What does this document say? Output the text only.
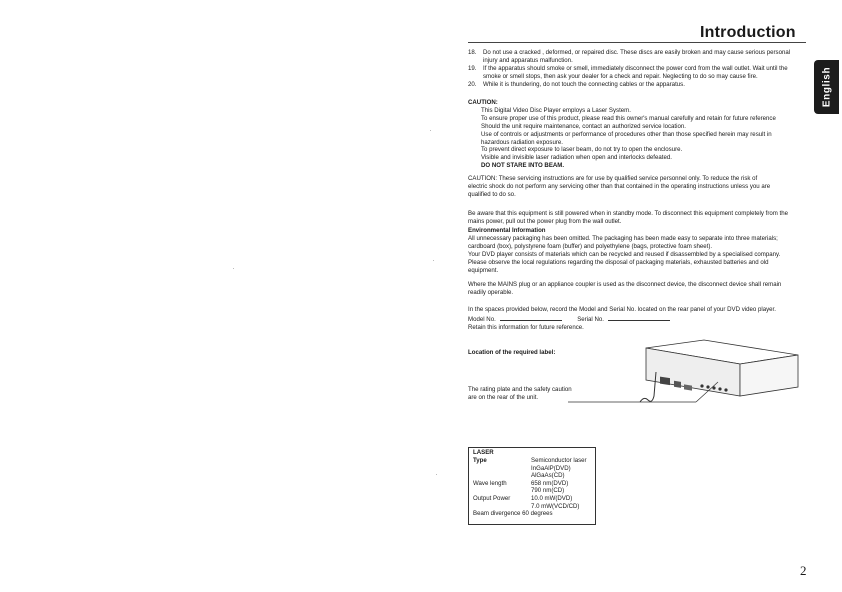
Introduction
English
18. Do not use a cracked , deformed, or repaired disc. These discs are easily broken and may cause serious personal
injury and apparatus malfunction.
19. If the apparatus should smoke or smell, immediately disconnect the power cord from the wall outlet. Wait until the
smoke or smell stops, then ask your dealer for a check and repair. Neglecting to do so may cause fire.
20. While it is thundering, do not touch the connecting cables or the apparatus.
CAUTION:
This Digital Video Disc Player employs a Laser System.
To ensure proper use of this product, please read this owner's manual carefully and retain for future reference
Should the unit require maintenance, contact an authorized service location.
Use of controls or adjustments or performance of procedures other than those specified herein may result in
hazardous radiation exposure.
To prevent direct exposure to laser beam, do not try to open the enclosure.
Visible and invisible laser radiation when open and interlocks defeated.
DO NOT STARE INTO BEAM.
CAUTION: These servicing instructions are for use by qualified service personnel only. To reduce the risk of
electric shock do not perform any servicing other than that contained in the operating instructions unless you are
qualified to do so.
Be aware that this equipment is still powered when in standby mode. To disconnect this equipment completely from the
mains power, pull out the power plug from the wall outlet.
Environmental Information
All unnecessary packaging has been omitted. The packaging has been made easy to separate into three materials;
cardboard (box), polystyrene foam (buffer) and polyethylene (bags, protective foam sheet).
Your DVD player consists of materials which can be recycled and reused if disassembled by a specialised company.
Please observe the local regulations regarding the disposal of packaging materials, exhausted batteries and old
equipment.
Where the MAINS plug or an appliance coupler is used as the disconnect device, the disconnect device shall remain
readily operable.
In the spaces provided below, record the Model and Serial No. located on the rear panel of your DVD video player.
Model No.	Serial No.
Retain this information for future reference.
Location of the required label:
The rating plate and the safety caution
are on the rear of the unit.
LASER
Type	Semiconductor laser
InGaAlP(DVD)
AlGaAs(CD)
Wave length	658 nm(DVD)
790 nm(CD)
Output Power	10.0 mW(DVD)
7.0 mW(VCD/CD)
Beam divergence 60 degrees
2
